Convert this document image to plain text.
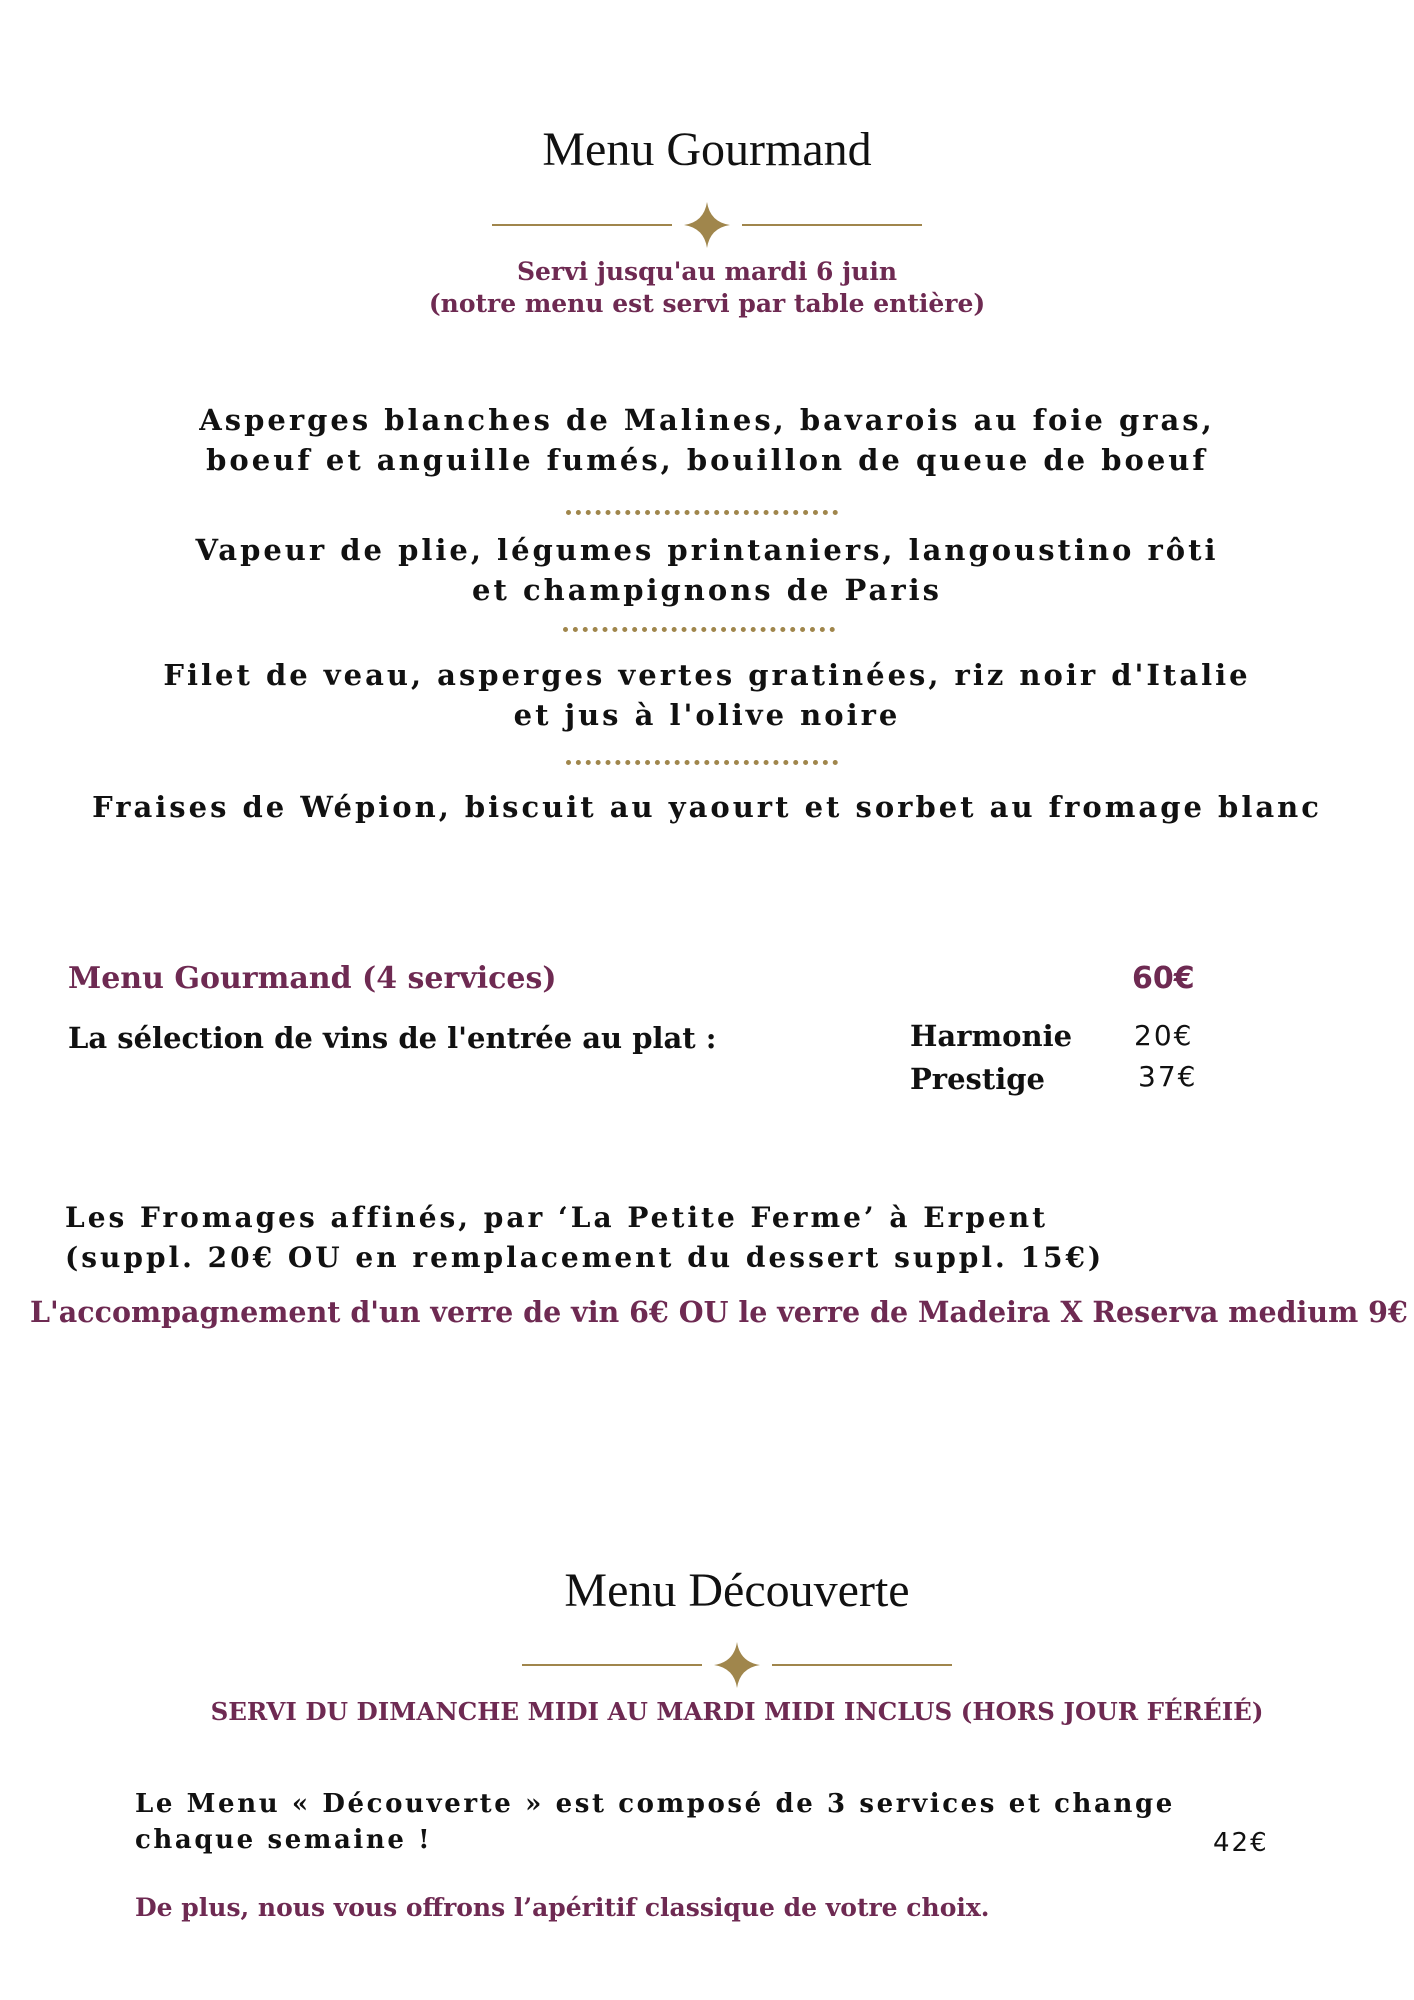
Menu Gourmand
Servi jusqu'au mardi 6 juin
(notre menu est servi par table entière)
Asperges blanches de Malines, bavarois au foie gras,
boeuf et anguille fumés, bouillon de queue de boeuf
Vapeur de plie, légumes printaniers, langoustino rôti
et champignons de Paris
Filet de veau, asperges vertes gratinées, riz noir d'Italie
et jus à l'olive noire
Fraises de Wépion, biscuit au yaourt et sorbet au fromage blanc
Menu Gourmand (4 services)	60€
La sélection de vins de l'entrée au plat :	Harmonie 20€
Prestige	37€
Les Fromages affinés, par ‘La Petite Ferme’ à Erpent
(suppl. 20€ OU en remplacement du dessert suppl. 15€)
L'accompagnement d'un verre de vin 6€ OU le verre de Madeira X Reserva medium 9€
Menu Découverte
SERVI DU DIMANCHE MIDI AU MARDI MIDI INCLUS (HORS JOUR FÉRÉIÉ)
Le Menu « Découverte » est composé de 3 services et change
chaque semaine !	42€
De plus, nous vous offrons l’apéritif classique de votre choix.
